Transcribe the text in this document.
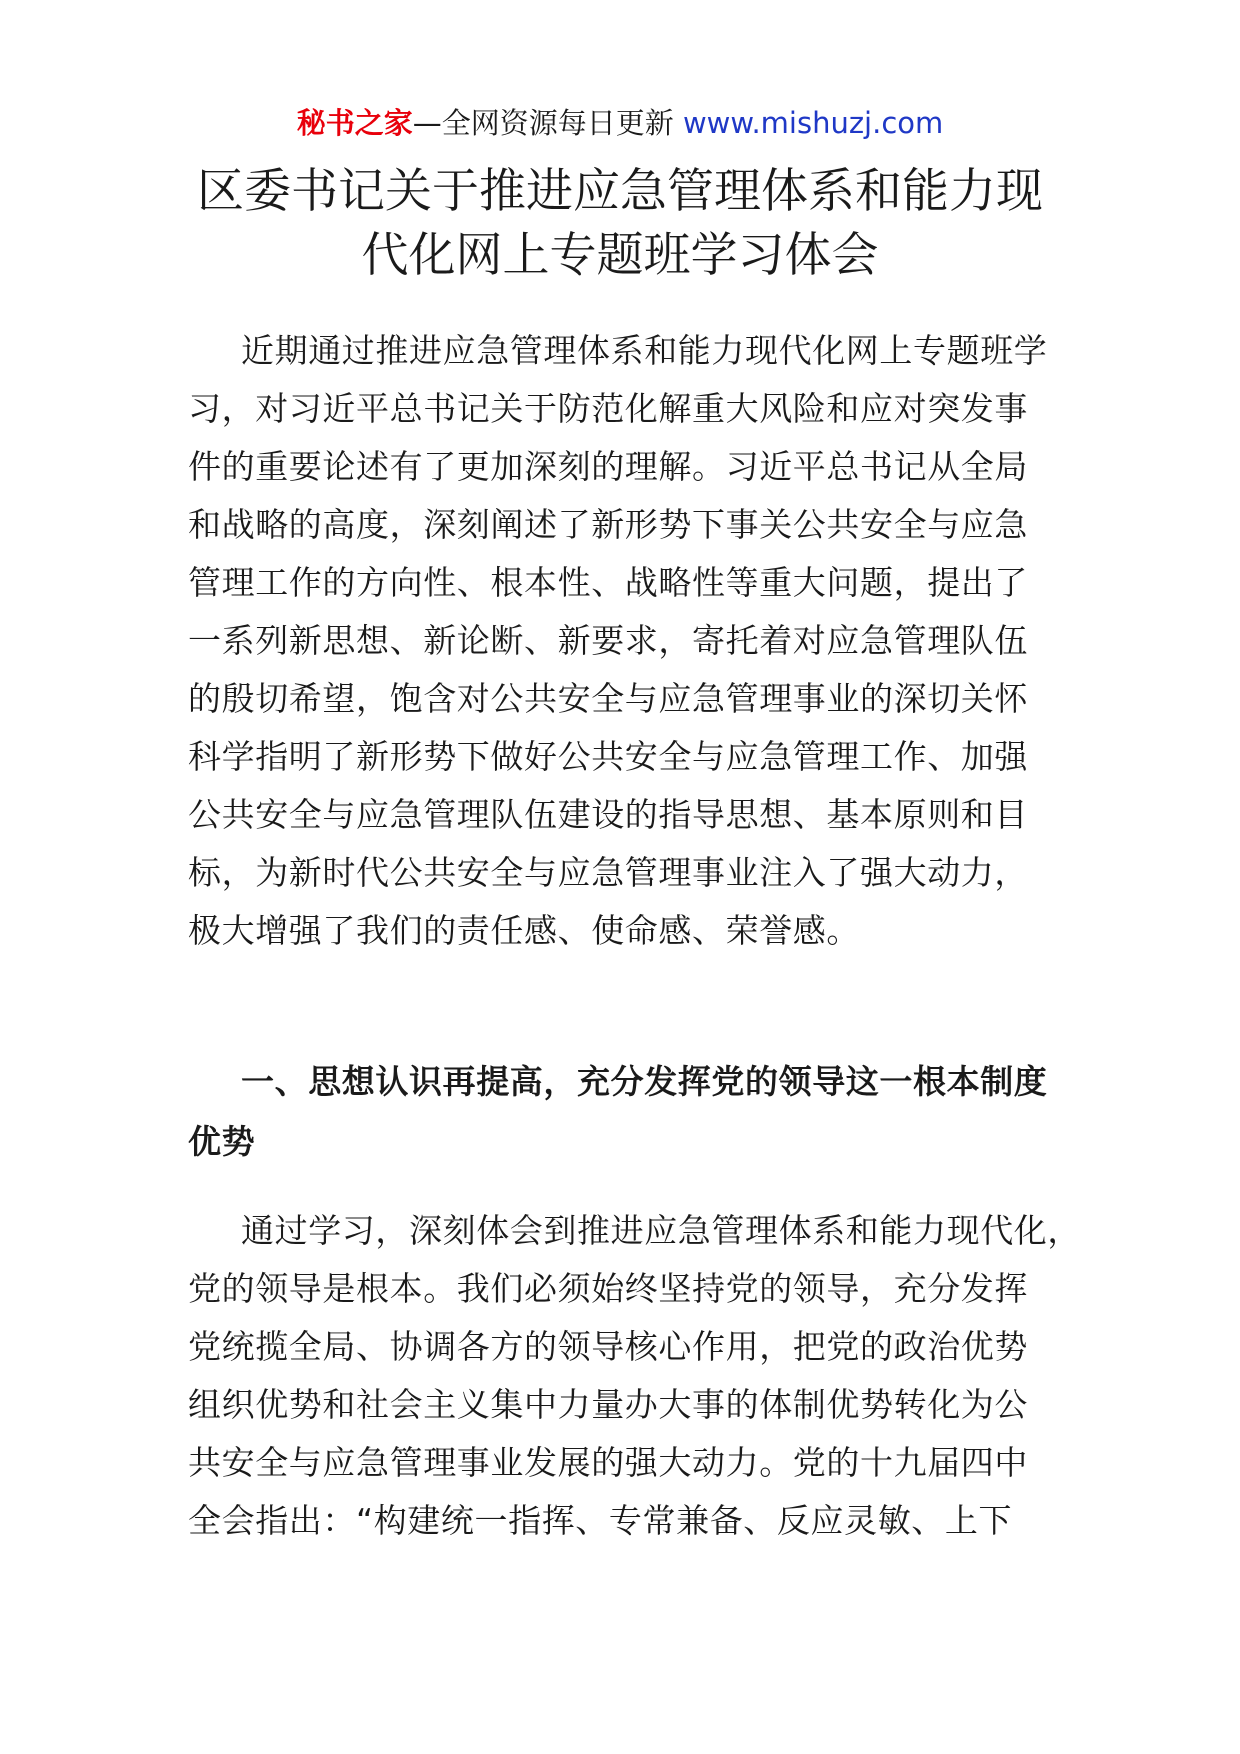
秘书之家—全网资源每日更新 www.mishuzj.com
区委书记关于推进应急管理体系和能力现
代化网上专题班学习体会
近期通过推进应急管理体系和能力现代化网上专题班学
习，对习近平总书记关于防范化解重大风险和应对突发事
件的重要论述有了更加深刻的理解。习近平总书记从全局
和战略的高度，深刻阐述了新形势下事关公共安全与应急
管理工作的方向性、根本性、战略性等重大问题，提出了
一系列新思想、新论断、新要求，寄托着对应急管理队伍
的殷切希望，饱含对公共安全与应急管理事业的深切关怀
科学指明了新形势下做好公共安全与应急管理工作、加强
公共安全与应急管理队伍建设的指导思想、基本原则和目
标，为新时代公共安全与应急管理事业注入了强大动力，
极大增强了我们的责任感、使命感、荣誉感。
一、思想认识再提高，充分发挥党的领导这一根本制度
优势
通过学习，深刻体会到推进应急管理体系和能力现代化，
党的领导是根本。我们必须始终坚持党的领导，充分发挥
党统揽全局、协调各方的领导核心作用，把党的政治优势
组织优势和社会主义集中力量办大事的体制优势转化为公
共安全与应急管理事业发展的强大动力。党的十九届四中
全会指出：“构建统一指挥、专常兼备、反应灵敏、上下
